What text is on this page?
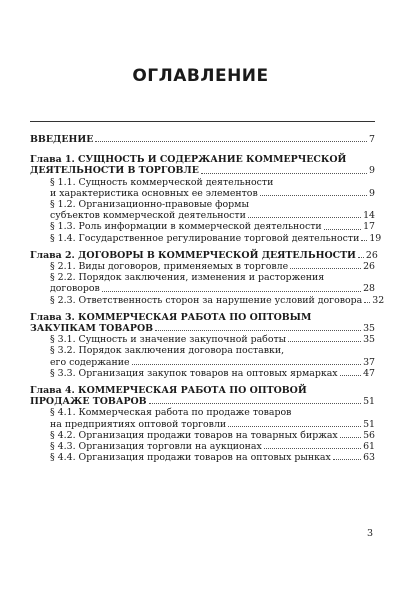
ОГЛАВЛЕНИЕ
ВВЕДЕНИЕ	7
Глава 1. СУЩНОСТЬ И СОДЕРЖАНИЕ КОММЕРЧЕСКОЙ
ДЕЯТЕЛЬНОСТИ В ТОРГОВЛЕ	9
§ 1.1. Сущность коммерческой деятельности
и характеристика основных ее элементов	9
§ 1.2. Организационно-правовые формы
субъектов коммерческой деятельности	14
§ 1.3. Роль информации в коммерческой деятельности	17
§ 1.4. Государственное регулирование торговой деятельности 19
Глава 2. ДОГОВОРЫ В КОММЕРЧЕСКОЙ ДЕЯТЕЛЬНОСТИ 26
§ 2.1. Виды договоров, применяемых в торговле	26
§ 2.2. Порядок заключения, изменения и расторжения
договоров	28
§ 2.3. Ответственность сторон за нарушение условий договора 32
Глава 3. КОММЕРЧЕСКАЯ РАБОТА ПО ОПТОВЫМ
ЗАКУПКАМ ТОВАРОВ	35
§ 3.1. Сущность и значение закупочной работы	35
§ 3.2. Порядок заключения договора поставки,
его содержание	37
§ 3.3. Организация закупок товаров на оптовых ярмарках	47
Глава 4. КОММЕРЧЕСКАЯ РАБОТА ПО ОПТОВОЙ
ПРОДАЖЕ ТОВАРОВ	51
§ 4.1. Коммерческая работа по продаже товаров
на предприятиях оптовой торговли	51
§ 4.2. Организация продажи товаров на товарных биржах	56
§ 4.3. Организация торговли на аукционах	61
§ 4.4. Организация продажи товаров на оптовых рынках	63
3
